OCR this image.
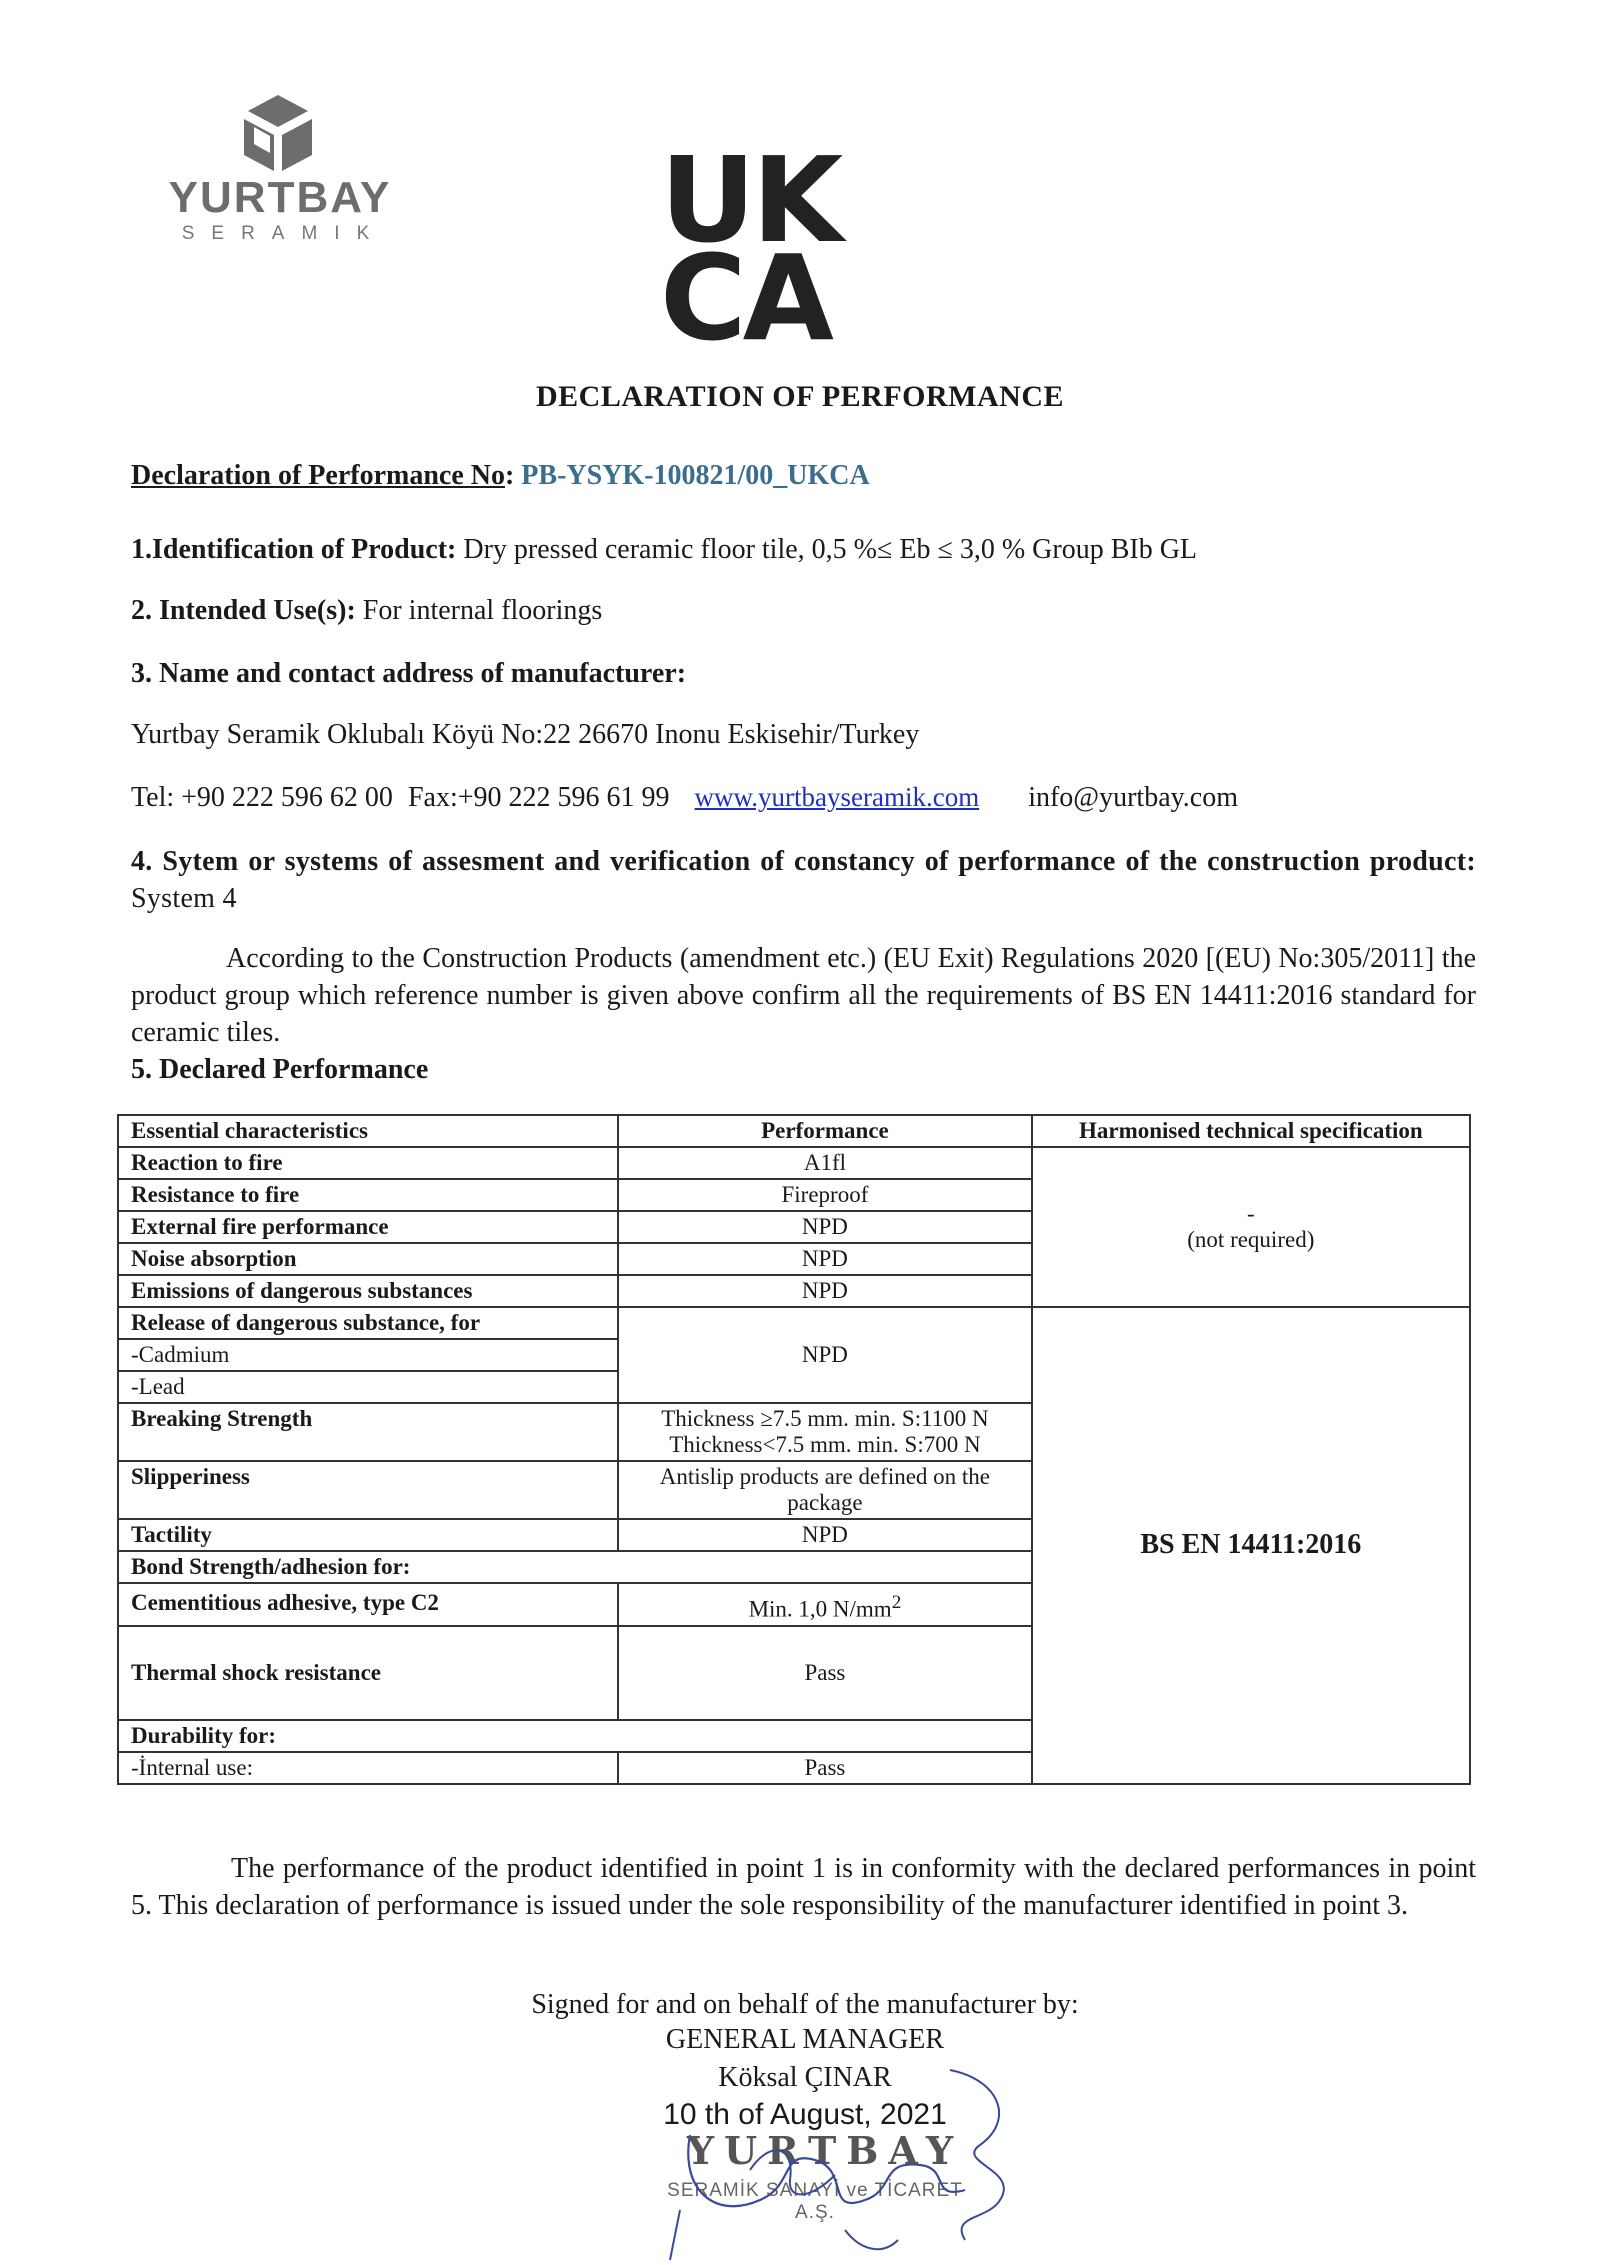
YURTBAY
SERAMIK UK
CA
DECLARATION OF PERFORMANCE
Declaration of Performance No: PB-YSYK-100821/00_UKCA
1.Identification of Product: Dry pressed ceramic floor tile, 0,5 %≤ Eb ≤ 3,0 % Group BIb GL
2. Intended Use(s): For internal floorings
3. Name and contact address of manufacturer:
Yurtbay Seramik Oklubalı Köyü No:22 26670 Inonu Eskisehir/Turkey
Tel: +90 222 596 62 00 Fax:+90 222 596 61 99 www.yurtbayseramik.com info@yurtbay.com
4. Sytem or systems of assesment and verification of constancy of performance of the construction product: System 4
According to the Construction Products (amendment etc.) (EU Exit) Regulations 2020 [(EU) No:305/2011] the product group which reference number is given above confirm all the requirements of BS EN 14411:2016 standard for ceramic tiles.
5. Declared Performance
Essential characteristics	Performance	Harmonised technical specification
Reaction to fire	A1fl	-
(not required)

Resistance to fire	Fireproof	
External fire performance	NPD	
Noise absorption	NPD	
Emissions of dangerous substances	NPD	
Release of dangerous substance, for	NPD	BS EN 14411:2016
-Cadmium		
-Lead		
Breaking Strength	Thickness ≥7.5 mm. min. S:1100 N
Thickness<7.5 mm. min. S:700 N	

Slipperiness	Antislip products are defined on the package	
Tactility	NPD	
Bond Strength/adhesion for:		
Cementitious adhesive, type C2	Min. 1,0 $N/mm^2$
Thermal shock resistance	Pass	
Durability for:		
-İnternal use:	Pass	
The performance of the product identified in point 1 is in conformity with the declared performances in point 5. This declaration of performance is issued under the sole responsibility of the manufacturer identified in point 3.
Signed for and on behalf of the manufacturer by:
GENERAL MANAGER
Köksal ÇINAR
10 th of August, 2021
YURTBAY
SERAMİK SANAYİ ve TİCARET A.Ş.
